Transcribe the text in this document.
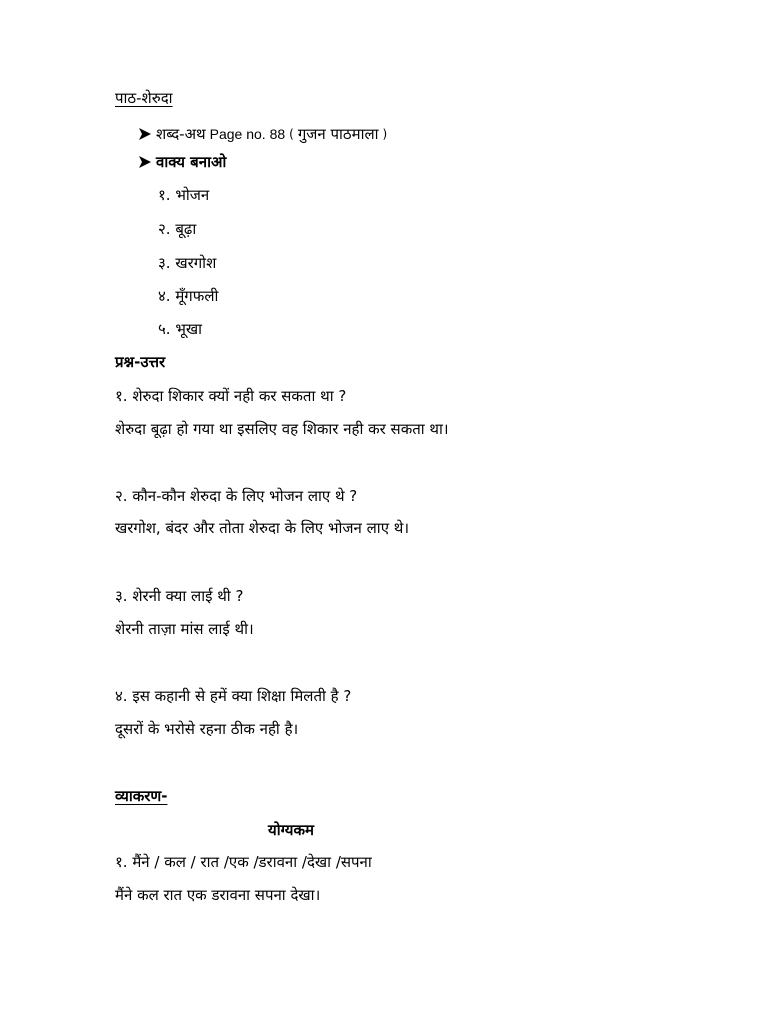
पाठ-शेरुदा
शब्द-अथ Page no. 88 ( गुजन पाठमाला )
वाक्य बनाओ
१. भोजन
२. बूढ़ा
३. खरगोश
४. मूँगफली
५. भूखा
प्रश्न-उत्तर
१. शेरुदा शिकार क्यों नही कर सकता था ?
शेरुदा बूढ़ा हो गया था इसलिए वह शिकार नही कर सकता था।
२. कौन-कौन शेरुदा के लिए भोजन लाए थे ?
खरगोश, बंदर और तोता शेरुदा के लिए भोजन लाए थे।
३. शेरनी क्या लाई थी ?
शेरनी ताज़ा मांस लाई थी।
४. इस कहानी से हमें क्या शिक्षा मिलती है ?
दूसरों के भरोसे रहना ठीक नही है।
व्याकरण-
योग्यकम
१. मैंने / कल / रात /एक /डरावना /देखा /सपना
मैंने कल रात एक डरावना सपना देखा।
